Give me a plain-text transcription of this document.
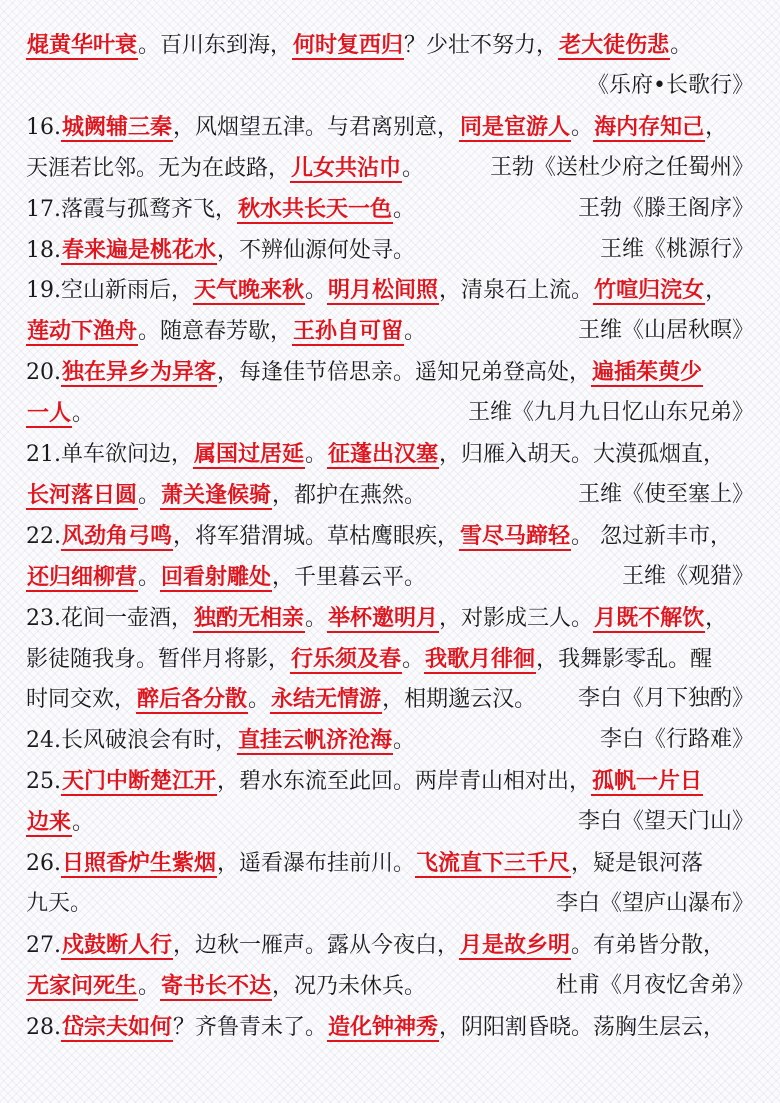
焜黄华叶衰。百川东到海，何时复西归？少壮不努力，老大徒伤悲。
《乐府•长歌行》
16.城阙辅三秦，风烟望五津。与君离别意，同是宦游人。海内存知己，
天涯若比邻。无为在歧路，儿女共沾巾。	王勃《送杜少府之任蜀州》
17.落霞与孤鹜齐飞，秋水共长天一色。	王勃《滕王阁序》
18.春来遍是桃花水，不辨仙源何处寻。	王维《桃源行》
19.空山新雨后，天气晚来秋。明月松间照，清泉石上流。竹喧归浣女，
莲动下渔舟。随意春芳歇，王孙自可留。	王维《山居秋暝》
20.独在异乡为异客，每逢佳节倍思亲。遥知兄弟登高处，遍插茱萸少
一人。	王维《九月九日忆山东兄弟》
21.单车欲问边，属国过居延。征蓬出汉塞，归雁入胡天。大漠孤烟直，
长河落日圆。萧关逢候骑，都护在燕然。	王维《使至塞上》
22.风劲角弓鸣，将军猎渭城。草枯鹰眼疾，雪尽马蹄轻。 忽过新丰市，
还归细柳营。回看射雕处，千里暮云平。	王维《观猎》
23.花间一壶酒，独酌无相亲。举杯邀明月，对影成三人。月既不解饮，
影徒随我身。暂伴月将影，行乐须及春。我歌月徘徊，我舞影零乱。醒
时同交欢，醉后各分散。永结无情游，相期邈云汉。 李白《月下独酌》
24.长风破浪会有时，直挂云帆济沧海。	李白《行路难》
25.天门中断楚江开，碧水东流至此回。两岸青山相对出，孤帆一片日
边来。	李白《望天门山》
26.日照香炉生紫烟，遥看瀑布挂前川。飞流直下三千尺，疑是银河落
九天。	李白《望庐山瀑布》
27.戍鼓断人行，边秋一雁声。露从今夜白，月是故乡明。有弟皆分散，
无家问死生。寄书长不达，况乃未休兵。	杜甫《月夜忆舍弟》
28.岱宗夫如何？齐鲁青未了。造化钟神秀，阴阳割昏晓。荡胸生层云，
